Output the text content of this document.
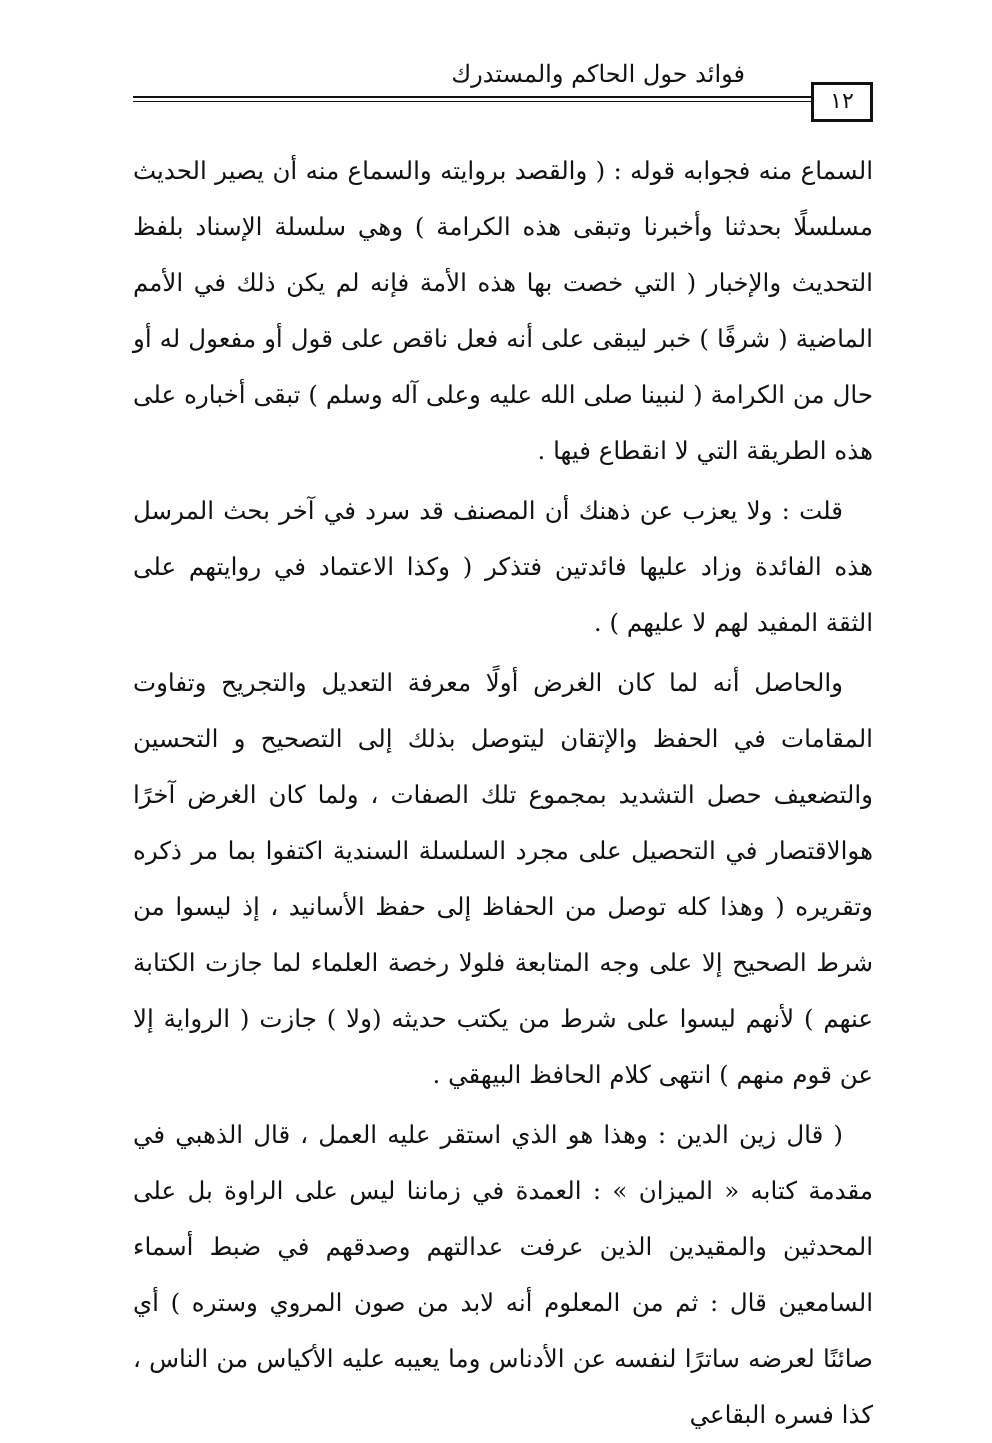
فوائد حول الحاكم والمستدرك
١٢

السماع منه فجوابه قوله : ( والقصد بروايته والسماع منه أن يصير الحديث مسلسلًا بحدثنا وأخبرنا وتبقى هذه الكرامة ) وهي سلسلة الإسناد بلفظ التحديث والإخبار ( التي خصت بها هذه الأمة فإنه لم يكن ذلك في الأمم الماضية ( شرفًا ) خبر ليبقى على أنه فعل ناقص على قول أو مفعول له أو حال من الكرامة ( لنبينا صلى الله عليه وعلى آله وسلم ) تبقى أخباره على هذه الطريقة التي لا انقطاع فيها .

قلت : ولا يعزب عن ذهنك أن المصنف قد سرد في آخر بحث المرسل هذه الفائدة وزاد عليها فائدتين فتذكر ( وكذا الاعتماد في روايتهم على الثقة المفيد لهم لا عليهم ) .

والحاصل أنه لما كان الغرض أولًا معرفة التعديل والتجريح وتفاوت المقامات في الحفظ والإتقان ليتوصل بذلك إلى التصحيح و التحسين والتضعيف حصل التشديد بمجموع تلك الصفات ، ولما كان الغرض آخرًا هوالاقتصار في التحصيل على مجرد السلسلة السندية اكتفوا بما مر ذكره وتقريره ( وهذا كله توصل من الحفاظ إلى حفظ الأسانيد ، إذ ليسوا من شرط الصحيح إلا على وجه المتابعة فلولا رخصة العلماء لما جازت الكتابة عنهم ) لأنهم ليسوا على شرط من يكتب حديثه (ولا ) جازت ( الرواية إلا عن قوم منهم ) انتهى كلام الحافظ البيهقي .

( قال زين الدين : وهذا هو الذي استقر عليه العمل ، قال الذهبي في مقدمة كتابه « الميزان » : العمدة في زماننا ليس على الراوة بل على المحدثين والمقيدين الذين عرفت عدالتهم وصدقهم في ضبط أسماء السامعين قال : ثم من المعلوم أنه لابد من صون المروي وستره ) أي صائنًا لعرضه ساترًا لنفسه عن الأدناس وما يعيبه عليه الأكياس من الناس ، كذا فسره البقاعي
